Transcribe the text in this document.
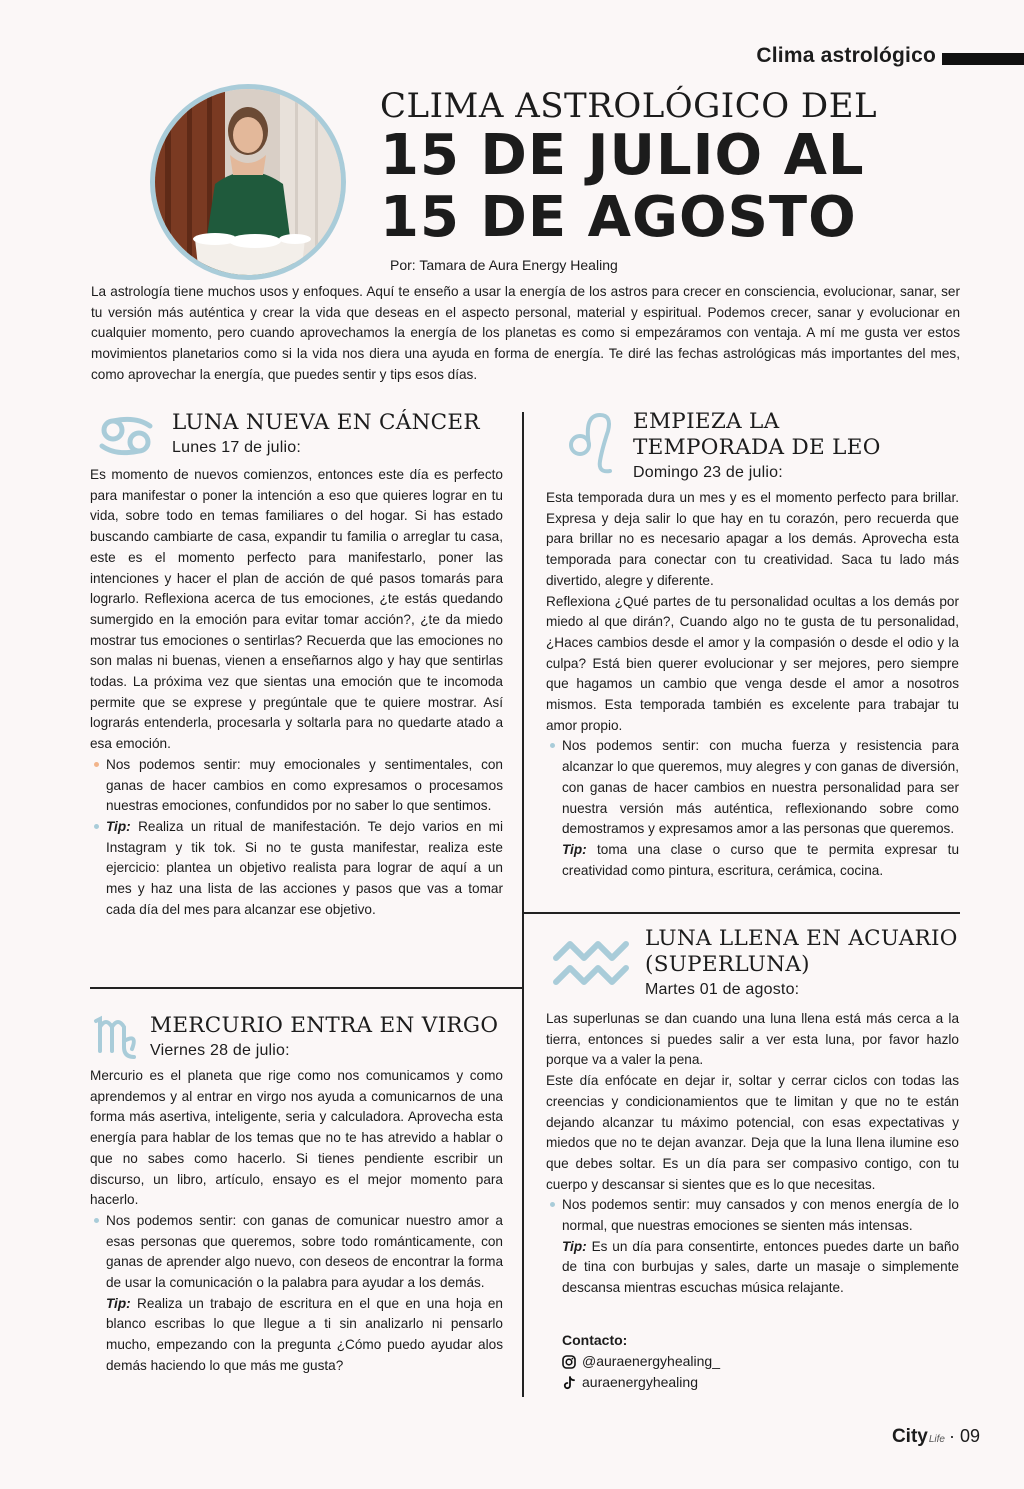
Clima astrológico
CLIMA ASTROLÓGICO DEL
15 DE JULIO AL
15 DE AGOSTO
Por: Tamara de Aura Energy Healing
La astrología tiene muchos usos y enfoques. Aquí te enseño a usar la energía de los astros para crecer en consciencia, evolucionar, sanar, ser tu versión más auténtica y crear la vida que deseas en el aspecto personal, material y espiritual. Podemos crecer, sanar y evolucionar en cualquier momento, pero cuando aprovechamos la energía de los planetas es como si empezáramos con ventaja. A mí me gusta ver estos movimientos planetarios como si la vida nos diera una ayuda en forma de energía. Te diré las fechas astrológicas más importantes del mes, como aprovechar la energía, que puedes sentir y tips esos días.
LUNA NUEVA EN CÁNCER
Lunes 17 de julio:

Es momento de nuevos comienzos, entonces este día es perfecto para manifestar o poner la intención a eso que quieres lograr en tu vida, sobre todo en temas familiares o del hogar. Si has estado buscando cambiarte de casa, expandir tu familia o arreglar tu casa, este es el momento perfecto para manifestarlo, poner las intenciones y hacer el plan de acción de qué pasos tomarás para lograrlo. Reflexiona acerca de tus emociones, ¿te estás quedando sumergido en la emoción para evitar tomar acción?, ¿te da miedo mostrar tus emociones o sentirlas? Recuerda que las emociones no son malas ni buenas, vienen a enseñarnos algo y hay que sentirlas todas. La próxima vez que sientas una emoción que te incomoda permite que se exprese y pregúntale que te quiere mostrar. Así lograrás entenderla, procesarla y soltarla para no quedarte atado a esa emoción.

Nos podemos sentir: muy emocionales y sentimentales, con ganas de hacer cambios en como expresamos o procesamos nuestras emociones, confundidos por no saber lo que sentimos.

Tip: Realiza un ritual de manifestación. Te dejo varios en mi Instagram y tik tok. Si no te gusta manifestar, realiza este ejercicio: plantea un objetivo realista para lograr de aquí a un mes y haz una lista de las acciones y pasos que vas a tomar cada día del mes para alcanzar ese objetivo.

MERCURIO ENTRA EN VIRGO
Viernes 28 de julio:

Mercurio es el planeta que rige como nos comunicamos y como aprendemos y al entrar en virgo nos ayuda a comunicarnos de una forma más asertiva, inteligente, seria y calculadora. Aprovecha esta energía para hablar de los temas que no te has atrevido a hablar o que no sabes como hacerlo. Si tienes pendiente escribir un discurso, un libro, artículo, ensayo es el mejor momento para hacerlo.

Nos podemos sentir: con ganas de comunicar nuestro amor a esas personas que queremos, sobre todo románticamente, con ganas de aprender algo nuevo, con deseos de encontrar la forma de usar la comunicación o la palabra para ayudar a los demás.

Tip: Realiza un trabajo de escritura en el que en una hoja en blanco escribas lo que llegue a ti sin analizarlo ni pensarlo mucho, empezando con la pregunta ¿Cómo puedo ayudar alos demás haciendo lo que más me gusta?

EMPIEZA LA
TEMPORADA DE LEO
Domingo 23 de julio:

Esta temporada dura un mes y es el momento perfecto para brillar. Expresa y deja salir lo que hay en tu corazón, pero recuerda que para brillar no es necesario apagar a los demás. Aprovecha esta temporada para conectar con tu creatividad. Saca tu lado más divertido, alegre y diferente.

Reflexiona ¿Qué partes de tu personalidad ocultas a los demás por miedo al que dirán?, Cuando algo no te gusta de tu personalidad, ¿Haces cambios desde el amor y la compasión o desde el odio y la culpa? Está bien querer evolucionar y ser mejores, pero siempre que hagamos un cambio que venga desde el amor a nosotros mismos. Esta temporada también es excelente para trabajar tu amor propio.

Nos podemos sentir: con mucha fuerza y resistencia para alcanzar lo que queremos, muy alegres y con ganas de diversión, con ganas de hacer cambios en nuestra personalidad para ser nuestra versión más auténtica, reflexionando sobre como demostramos y expresamos amor a las personas que queremos.

Tip: toma una clase o curso que te permita expresar tu creatividad como pintura, escritura, cerámica, cocina.

LUNA LLENA EN ACUARIO
(SUPERLUNA)
Martes 01 de agosto:

Las superlunas se dan cuando una luna llena está más cerca a la tierra, entonces si puedes salir a ver esta luna, por favor hazlo porque va a valer la pena.

Este día enfócate en dejar ir, soltar y cerrar ciclos con todas las creencias y condicionamientos que te limitan y que no te están dejando alcanzar tu máximo potencial, con esas expectativas y miedos que no te dejan avanzar. Deja que la luna llena ilumine eso que debes soltar. Es un día para ser compasivo contigo, con tu cuerpo y descansar si sientes que es lo que necesitas.

Nos podemos sentir: muy cansados y con menos energía de lo normal, que nuestras emociones se sienten más intensas.

Tip: Es un día para consentirte, entonces puedes darte un baño de tina con burbujas y sales, darte un masaje o simplemente descansa mientras escuchas música relajante.

Contacto:
@auraenergyhealing_
auraenergyhealing
City Life · 09
